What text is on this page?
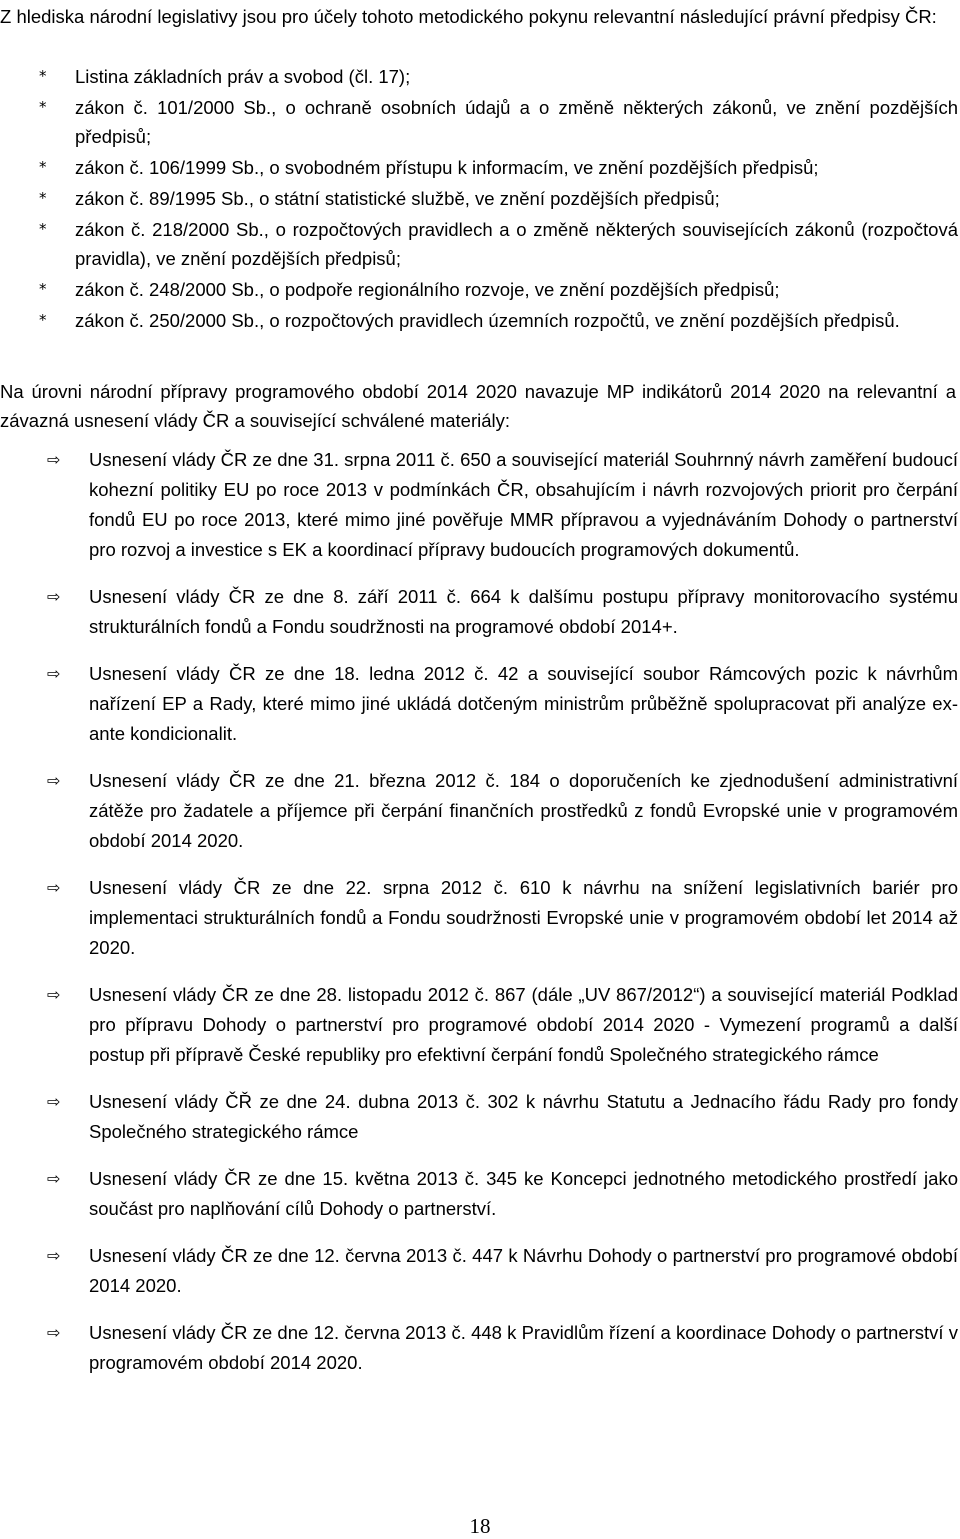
Z hlediska národní legislativy jsou pro účely tohoto metodického pokynu relevantní následující právní předpisy ČR:

* Listina základních práv a svobod (čl. 17);
* zákon č. 101/2000 Sb., o ochraně osobních údajů a o změně některých zákonů, ve znění pozdějších předpisů;
* zákon č. 106/1999 Sb., o svobodném přístupu k informacím, ve znění pozdějších předpisů;
* zákon č. 89/1995 Sb., o státní statistické službě, ve znění pozdějších předpisů;
* zákon č. 218/2000 Sb., o rozpočtových pravidlech a o změně některých souvisejících zákonů (rozpočtová pravidla), ve znění pozdějších předpisů;
* zákon č. 248/2000 Sb., o podpoře regionálního rozvoje, ve znění pozdějších předpisů;
* zákon č. 250/2000 Sb., o rozpočtových pravidlech územních rozpočtů, ve znění pozdějších předpisů.

Na úrovni národní přípravy programového období 2014 2020 navazuje MP indikátorů 2014 2020 na relevantní a závazná usnesení vlády ČR a související schválené materiály:

⇨ Usnesení vlády ČR ze dne 31. srpna 2011 č. 650 a související materiál Souhrnný návrh zaměření budoucí kohezní politiky EU po roce 2013 v podmínkách ČR, obsahujícím i návrh rozvojových priorit pro čerpání fondů EU po roce 2013, které mimo jiné pověřuje MMR přípravou a vyjednáváním Dohody o partnerství pro rozvoj a investice s EK a koordinací přípravy budoucích programových dokumentů.
⇨ Usnesení vlády ČR ze dne 8. září 2011 č. 664 k dalšímu postupu přípravy monitorovacího systému strukturálních fondů a Fondu soudržnosti na programové období 2014+.
⇨ Usnesení vlády ČR ze dne 18. ledna 2012 č. 42 a související soubor Rámcových pozic k návrhům nařízení EP a Rady, které mimo jiné ukládá dotčeným ministrům průběžně spolupracovat při analýze ex-ante kondicionalit.
⇨ Usnesení vlády ČR ze dne 21. března 2012 č. 184 o doporučeních ke zjednodušení administrativní zátěže pro žadatele a příjemce při čerpání finančních prostředků z fondů Evropské unie v programovém období 2014 2020.
⇨ Usnesení vlády ČR ze dne 22. srpna 2012 č. 610 k návrhu na snížení legislativních bariér pro implementaci strukturálních fondů a Fondu soudržnosti Evropské unie v programovém období let 2014 až 2020.
⇨ Usnesení vlády ČR ze dne 28. listopadu 2012 č. 867 (dále „UV 867/2012“) a související materiál Podklad pro přípravu Dohody o partnerství pro programové období 2014 2020 - Vymezení programů a další postup při přípravě České republiky pro efektivní čerpání fondů Společného strategického rámce
⇨ Usnesení vlády ČŘ ze dne 24. dubna 2013 č. 302 k návrhu Statutu a Jednacího řádu Rady pro fondy Společného strategického rámce
⇨ Usnesení vlády ČR ze dne 15. května 2013 č. 345 ke Koncepci jednotného metodického prostředí jako součást pro naplňování cílů Dohody o partnerství.
⇨ Usnesení vlády ČR ze dne 12. června 2013 č. 447 k Návrhu Dohody o partnerství pro programové období 2014 2020.
⇨ Usnesení vlády ČR ze dne 12. června 2013 č. 448 k Pravidlům řízení a koordinace Dohody o partnerství v programovém období 2014 2020.
18
